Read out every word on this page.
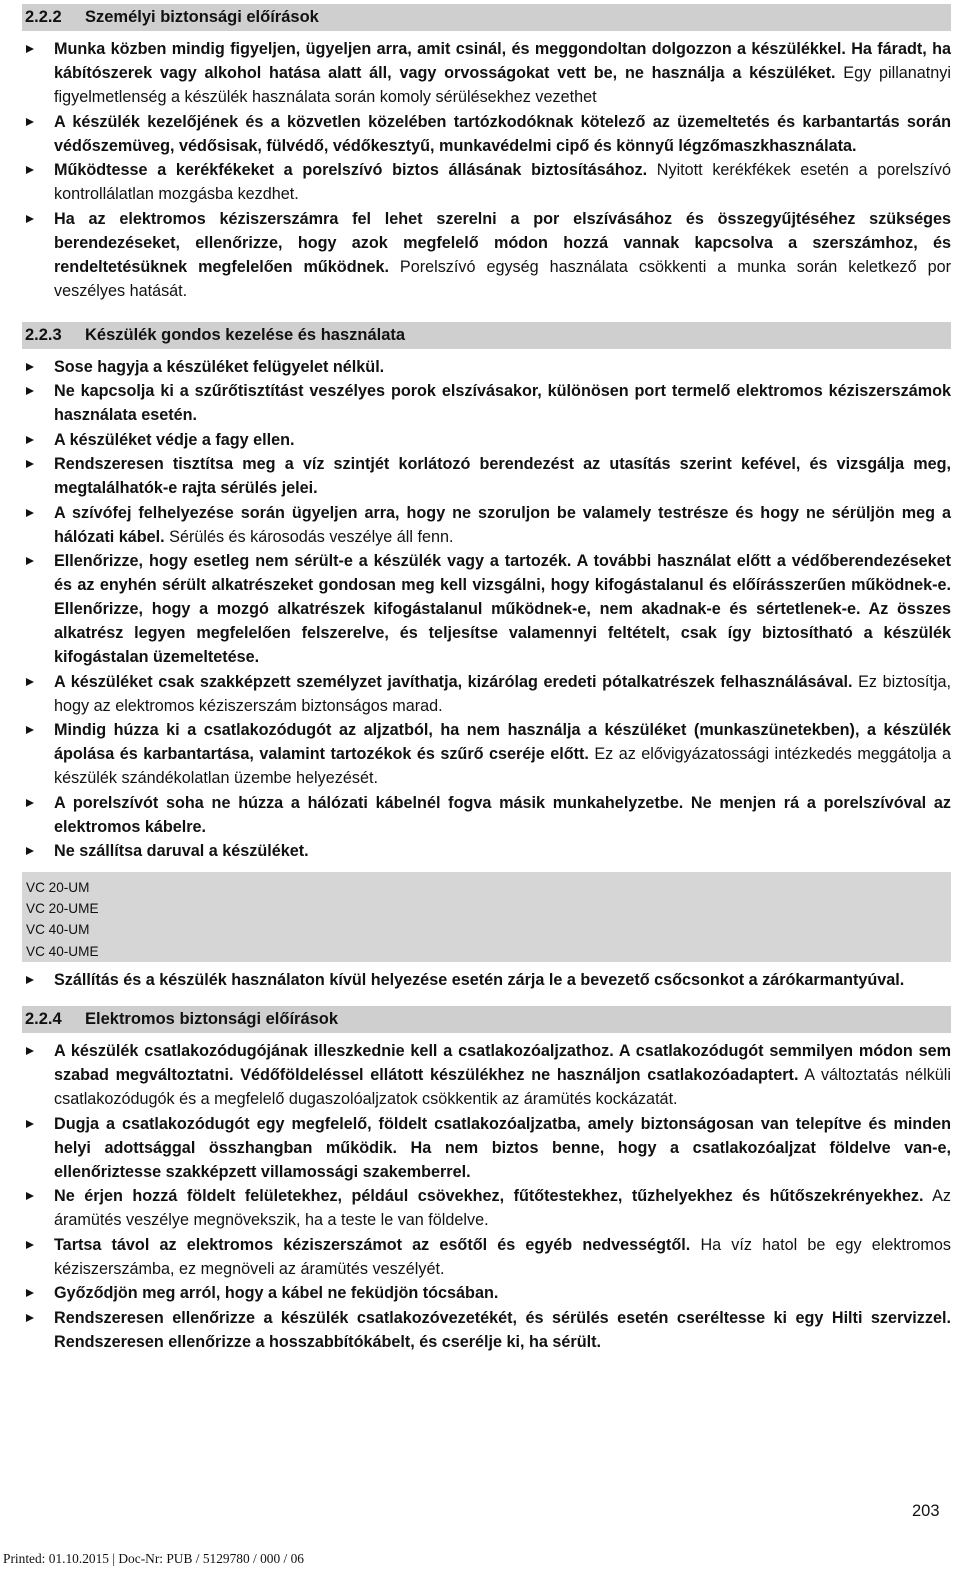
2.2.2 Személyi biztonsági előírások
Munka közben mindig figyeljen, ügyeljen arra, amit csinál, és meggondoltan dolgozzon a készülékkel. Ha fáradt, ha kábítószerek vagy alkohol hatása alatt áll, vagy orvosságokat vett be, ne használja a készüléket. Egy pillanatnyi figyelmetlenség a készülék használata során komoly sérülésekhez vezethet
A készülék kezelőjének és a közvetlen közelében tartózkodóknak kötelező az üzemeltetés és karbantartás során védőszemüveg, védősisak, fülvédő, védőkesztyű, munkavédelmi cipő és könnyű légzőmaszkhasználata.
Működtesse a kerékfékeket a porelszívó biztos állásának biztosításához. Nyitott kerékfékek esetén a porelszívó kontrollálatlan mozgásba kezdhet.
Ha az elektromos kéziszerszámra fel lehet szerelni a por elszívásához és összegyűjtéséhez szükséges berendezéseket, ellenőrizze, hogy azok megfelelő módon hozzá vannak kapcsolva a szerszámhoz, és rendeltetésüknek megfelelően működnek. Porelszívó egység használata csökkenti a munka során keletkező por veszélyes hatását.
2.2.3 Készülék gondos kezelése és használata
Sose hagyja a készüléket felügyelet nélkül.
Ne kapcsolja ki a szűrőtisztítást veszélyes porok elszívásakor, különösen port termelő elektromos kéziszerszámok használata esetén.
A készüléket védje a fagy ellen.
Rendszeresen tisztítsa meg a víz szintjét korlátozó berendezést az utasítás szerint kefével, és vizsgálja meg, megtalálhatók-e rajta sérülés jelei.
A szívófej felhelyezése során ügyeljen arra, hogy ne szoruljon be valamely testrésze és hogy ne sérüljön meg a hálózati kábel. Sérülés és károsodás veszélye áll fenn.
Ellenőrizze, hogy esetleg nem sérült-e a készülék vagy a tartozék. A további használat előtt a védőberendezéseket és az enyhén sérült alkatrészeket gondosan meg kell vizsgálni, hogy kifogástalanul és előírásszerűen működnek-e. Ellenőrizze, hogy a mozgó alkatrészek kifogástalanul működnek-e, nem akadnak-e és sértetlenek-e. Az összes alkatrész legyen megfelelően felszerelve, és teljesítse valamennyi feltételt, csak így biztosítható a készülék kifogástalan üzemeltetése.
A készüléket csak szakképzett személyzet javíthatja, kizárólag eredeti pótalkatrészek felhasználásával. Ez biztosítja, hogy az elektromos kéziszerszám biztonságos marad.
Mindig húzza ki a csatlakozódugót az aljzatból, ha nem használja a készüléket (munkaszünetekben), a készülék ápolása és karbantartása, valamint tartozékok és szűrő cseréje előtt. Ez az elővigyázatossági intézkedés meggátolja a készülék szándékolatlan üzembe helyezését.
A porelszívót soha ne húzza a hálózati kábelnél fogva másik munkahelyzetbe. Ne menjen rá a porelszívóval az elektromos kábelre.
Ne szállítsa daruval a készüléket.
VC 20-UM
VC 20-UME
VC 40-UM
VC 40-UME
Szállítás és a készülék használaton kívül helyezése esetén zárja le a bevezető csőcsonkot a zárókarmantyúval.
2.2.4 Elektromos biztonsági előírások
A készülék csatlakozódugójának illeszkednie kell a csatlakozóaljzathoz. A csatlakozódugót semmilyen módon sem szabad megváltoztatni. Védőföldeléssel ellátott készülékhez ne használjon csatlakozóadaptert. A változtatás nélküli csatlakozódugók és a megfelelő dugaszolóaljzatok csökkentik az áramütés kockázatát.
Dugja a csatlakozódugót egy megfelelő, földelt csatlakozóaljzatba, amely biztonságosan van telepítve és minden helyi adottsággal összhangban működik. Ha nem biztos benne, hogy a csatlakozóaljzat földelve van-e, ellenőriztesse szakképzett villamossági szakemberrel.
Ne érjen hozzá földelt felületekhez, például csövekhez, fűtőtestekhez, tűzhelyekhez és hűtőszekrényekhez. Az áramütés veszélye megnövekszik, ha a teste le van földelve.
Tartsa távol az elektromos kéziszerszámot az esőtől és egyéb nedvességtől. Ha víz hatol be egy elektromos kéziszerszámba, ez megnöveli az áramütés veszélyét.
Győződjön meg arról, hogy a kábel ne feküdjön tócsában.
Rendszeresen ellenőrizze a készülék csatlakozóvezetékét, és sérülés esetén cseréltesse ki egy Hilti szervizzel. Rendszeresen ellenőrizze a hosszabbítókábelt, és cserélje ki, ha sérült.
203
Printed: 01.10.2015 | Doc-Nr: PUB / 5129780 / 000 / 06
